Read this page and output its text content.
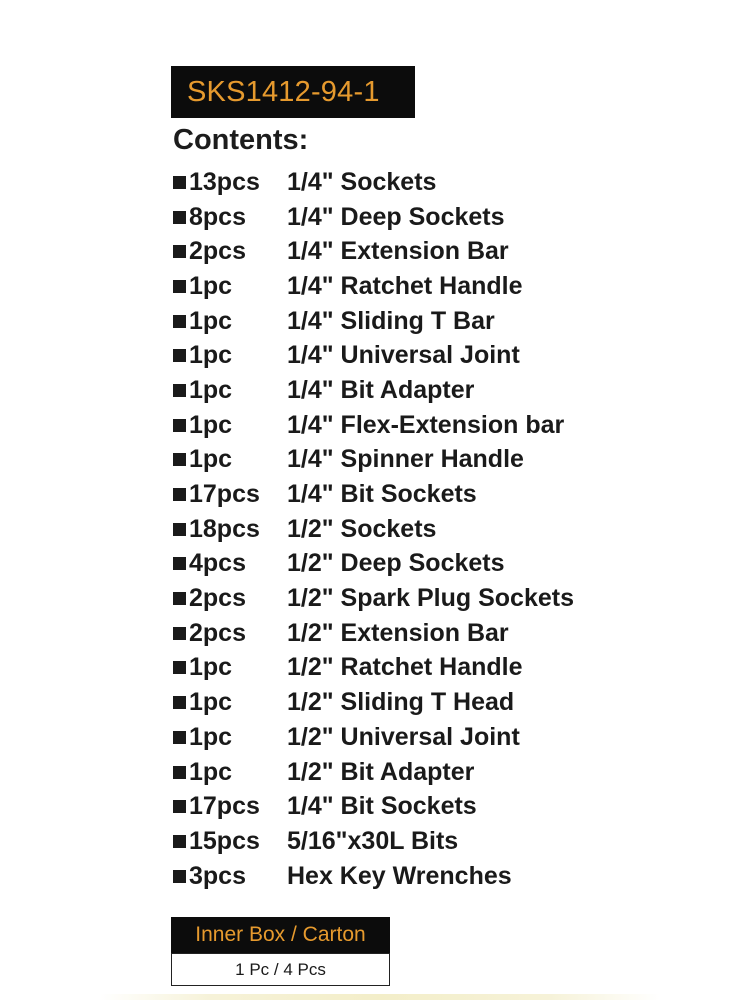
SKS1412-94-1
Contents:
13pcs	1/4" Sockets
8pcs	1/4" Deep Sockets
2pcs	1/4" Extension Bar
1pc	1/4" Ratchet Handle
1pc	1/4" Sliding T Bar
1pc	1/4" Universal Joint
1pc	1/4" Bit Adapter
1pc	1/4" Flex-Extension bar
1pc	1/4" Spinner Handle
17pcs	1/4" Bit Sockets
18pcs	1/2" Sockets
4pcs	1/2" Deep Sockets
2pcs	1/2" Spark Plug Sockets
2pcs	1/2" Extension Bar
1pc	1/2" Ratchet Handle
1pc	1/2" Sliding T Head
1pc	1/2" Universal Joint
1pc	1/2" Bit Adapter
17pcs	1/4" Bit Sockets
15pcs	5/16"x30L Bits
3pcs	Hex Key Wrenches
Inner Box / Carton
1 Pc / 4 Pcs
